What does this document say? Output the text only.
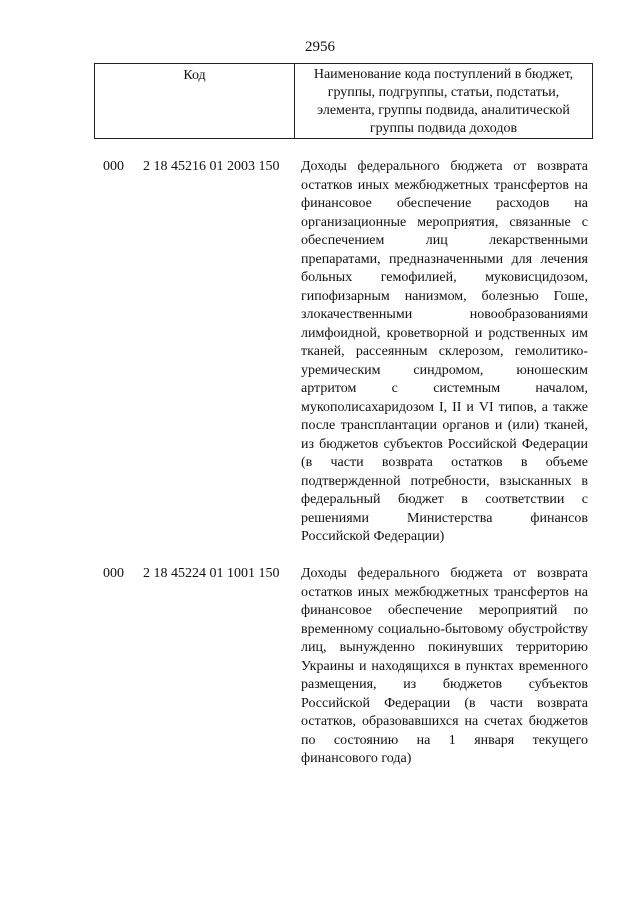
2956
Код	Наименование кода поступлений в бюджет, группы, подгруппы, статьи, подстатьи, элемента, группы подвида, аналитической группы подвида доходов
000 2 18 45216 01 2003 150 Доходы федерального бюджета от возврата остатков иных межбюджетных трансфертов на финансовое обеспечение расходов на организационные мероприятия, связанные с обеспечением лиц лекарственными препаратами, предназначенными для лечения больных гемофилией, муковисцидозом, гипофизарным нанизмом, болезнью Гоше, злокачественными новообразованиями лимфоидной, кроветворной и родственных им тканей, рассеянным склерозом, гемолитико-уремическим синдромом, юношеским артритом с системным началом, мукополисахаридозом I, II и VI типов, а также после трансплантации органов и (или) тканей, из бюджетов субъектов Российской Федерации (в части возврата остатков в объеме подтвержденной потребности, взысканных в федеральный бюджет в соответствии с решениями Министерства финансов Российской Федерации)
000 2 18 45224 01 1001 150 Доходы федерального бюджета от возврата остатков иных межбюджетных трансфертов на финансовое обеспечение мероприятий по временному социально-бытовому обустройству лиц, вынужденно покинувших территорию Украины и находящихся в пунктах временного размещения, из бюджетов субъектов Российской Федерации (в части возврата остатков, образовавшихся на счетах бюджетов по состоянию на 1 января текущего финансового года)
